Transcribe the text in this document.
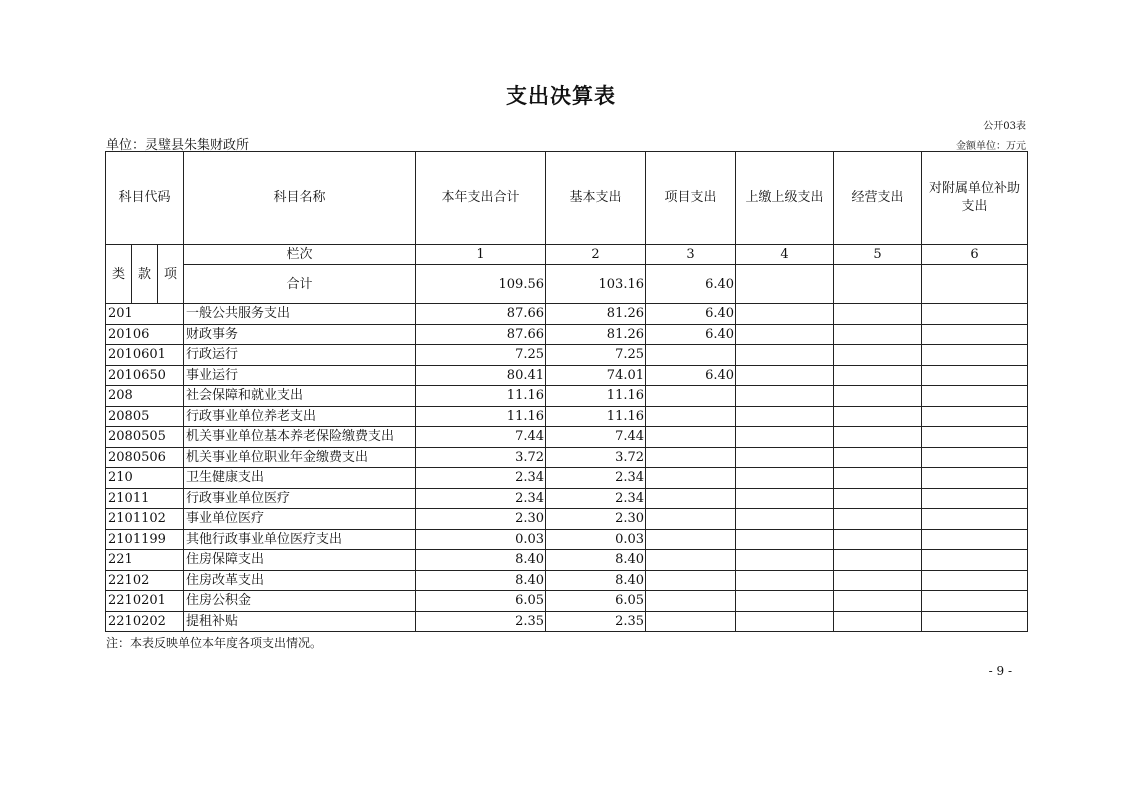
支出决算表
公开03表
单位：灵璧县朱集财政所	金额单位：万元
科目代码			科目名称	本年支出合计	基本支出	项目支出	上缴上级支出	经营支出	对附属单位补助支出
类	款	项	栏次	1	2	3	4	5	6
			合计	109.56	103.16	6.40			
201			一般公共服务支出	87.66	81.26	6.40			
20106			财政事务	87.66	81.26	6.40			
2010601			行政运行	7.25	7.25				
2010650			事业运行	80.41	74.01	6.40			
208			社会保障和就业支出	11.16	11.16				
20805			行政事业单位养老支出	11.16	11.16				
2080505			机关事业单位基本养老保险缴费支出	7.44	7.44				
2080506			机关事业单位职业年金缴费支出	3.72	3.72				
210			卫生健康支出	2.34	2.34				
21011			行政事业单位医疗	2.34	2.34				
2101102			事业单位医疗	2.30	2.30				
2101199			其他行政事业单位医疗支出	0.03	0.03				
221			住房保障支出	8.40	8.40				
22102			住房改革支出	8.40	8.40				
2210201			住房公积金	6.05	6.05				
2210202			提租补贴	2.35	2.35				
注：本表反映单位本年度各项支出情况。
- 9 -
